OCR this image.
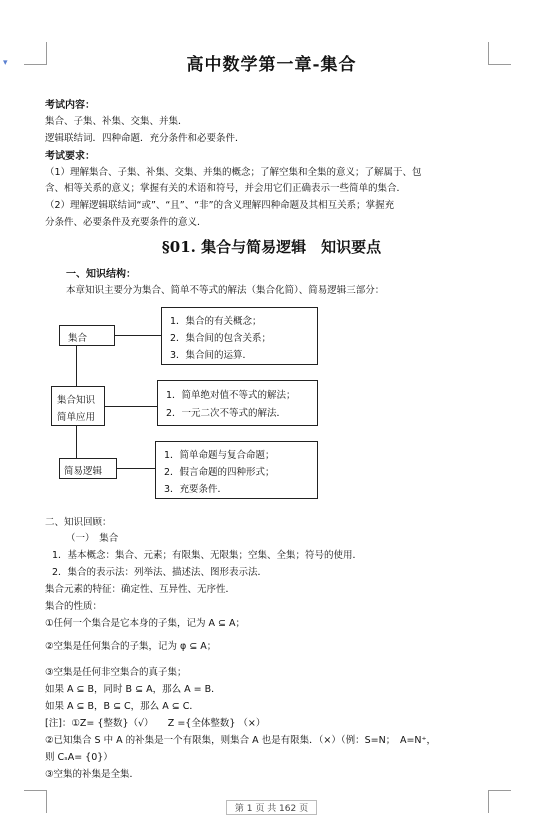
▾	高中数学第一章-集合
考试内容：
集合、子集、补集、交集、并集．
逻辑联结词．四种命题．充分条件和必要条件．
考试要求：
（1）理解集合、子集、补集、交集、并集的概念；了解空集和全集的意义；了解属于、包
含、相等关系的意义；掌握有关的术语和符号，并会用它们正确表示一些简单的集合．
（2）理解逻辑联结词“或”、“且”、“非”的含义理解四种命题及其相互关系；掌握充
分条件、必要条件及充要条件的意义．
§01. 集合与简易逻辑　知识要点
一、知识结构：
本章知识主要分为集合、简单不等式的解法（集合化简）、简易逻辑三部分：
集合
集合知识
简单应用
简易逻辑
1．集合的有关概念；
2．集合间的包含关系；
3．集合间的运算．
1．简单绝对值不等式的解法；
2．一元二次不等式的解法．
1．简单命题与复合命题；
2．假言命题的四种形式；
3．充要条件．
二、知识回顾：
（一）　集合
1．基本概念：集合、元素；有限集、无限集；空集、全集；符号的使用．
2．集合的表示法：列举法、描述法、图形表示法．
集合元素的特征：确定性、互异性、无序性．
集合的性质：
①任何一个集合是它本身的子集，记为 A ⊆ A；
②空集是任何集合的子集，记为 φ ⊆ A；
③空集是任何非空集合的真子集；
如果 A ⊆ B，同时 B ⊆ A，那么 A = B．
如果 A ⊆ B，B ⊆ C，那么 A ⊆ C．
[注]：①Z= {整数}（√）　　Z ={全体整数} （×）
②已知集合 S 中 A 的补集是一个有限集，则集合 A 也是有限集．（×）（例：S=N；　A=N⁺，
则 CₛA= {0}）
③空集的补集是全集．
第 1 页 共 162 页
